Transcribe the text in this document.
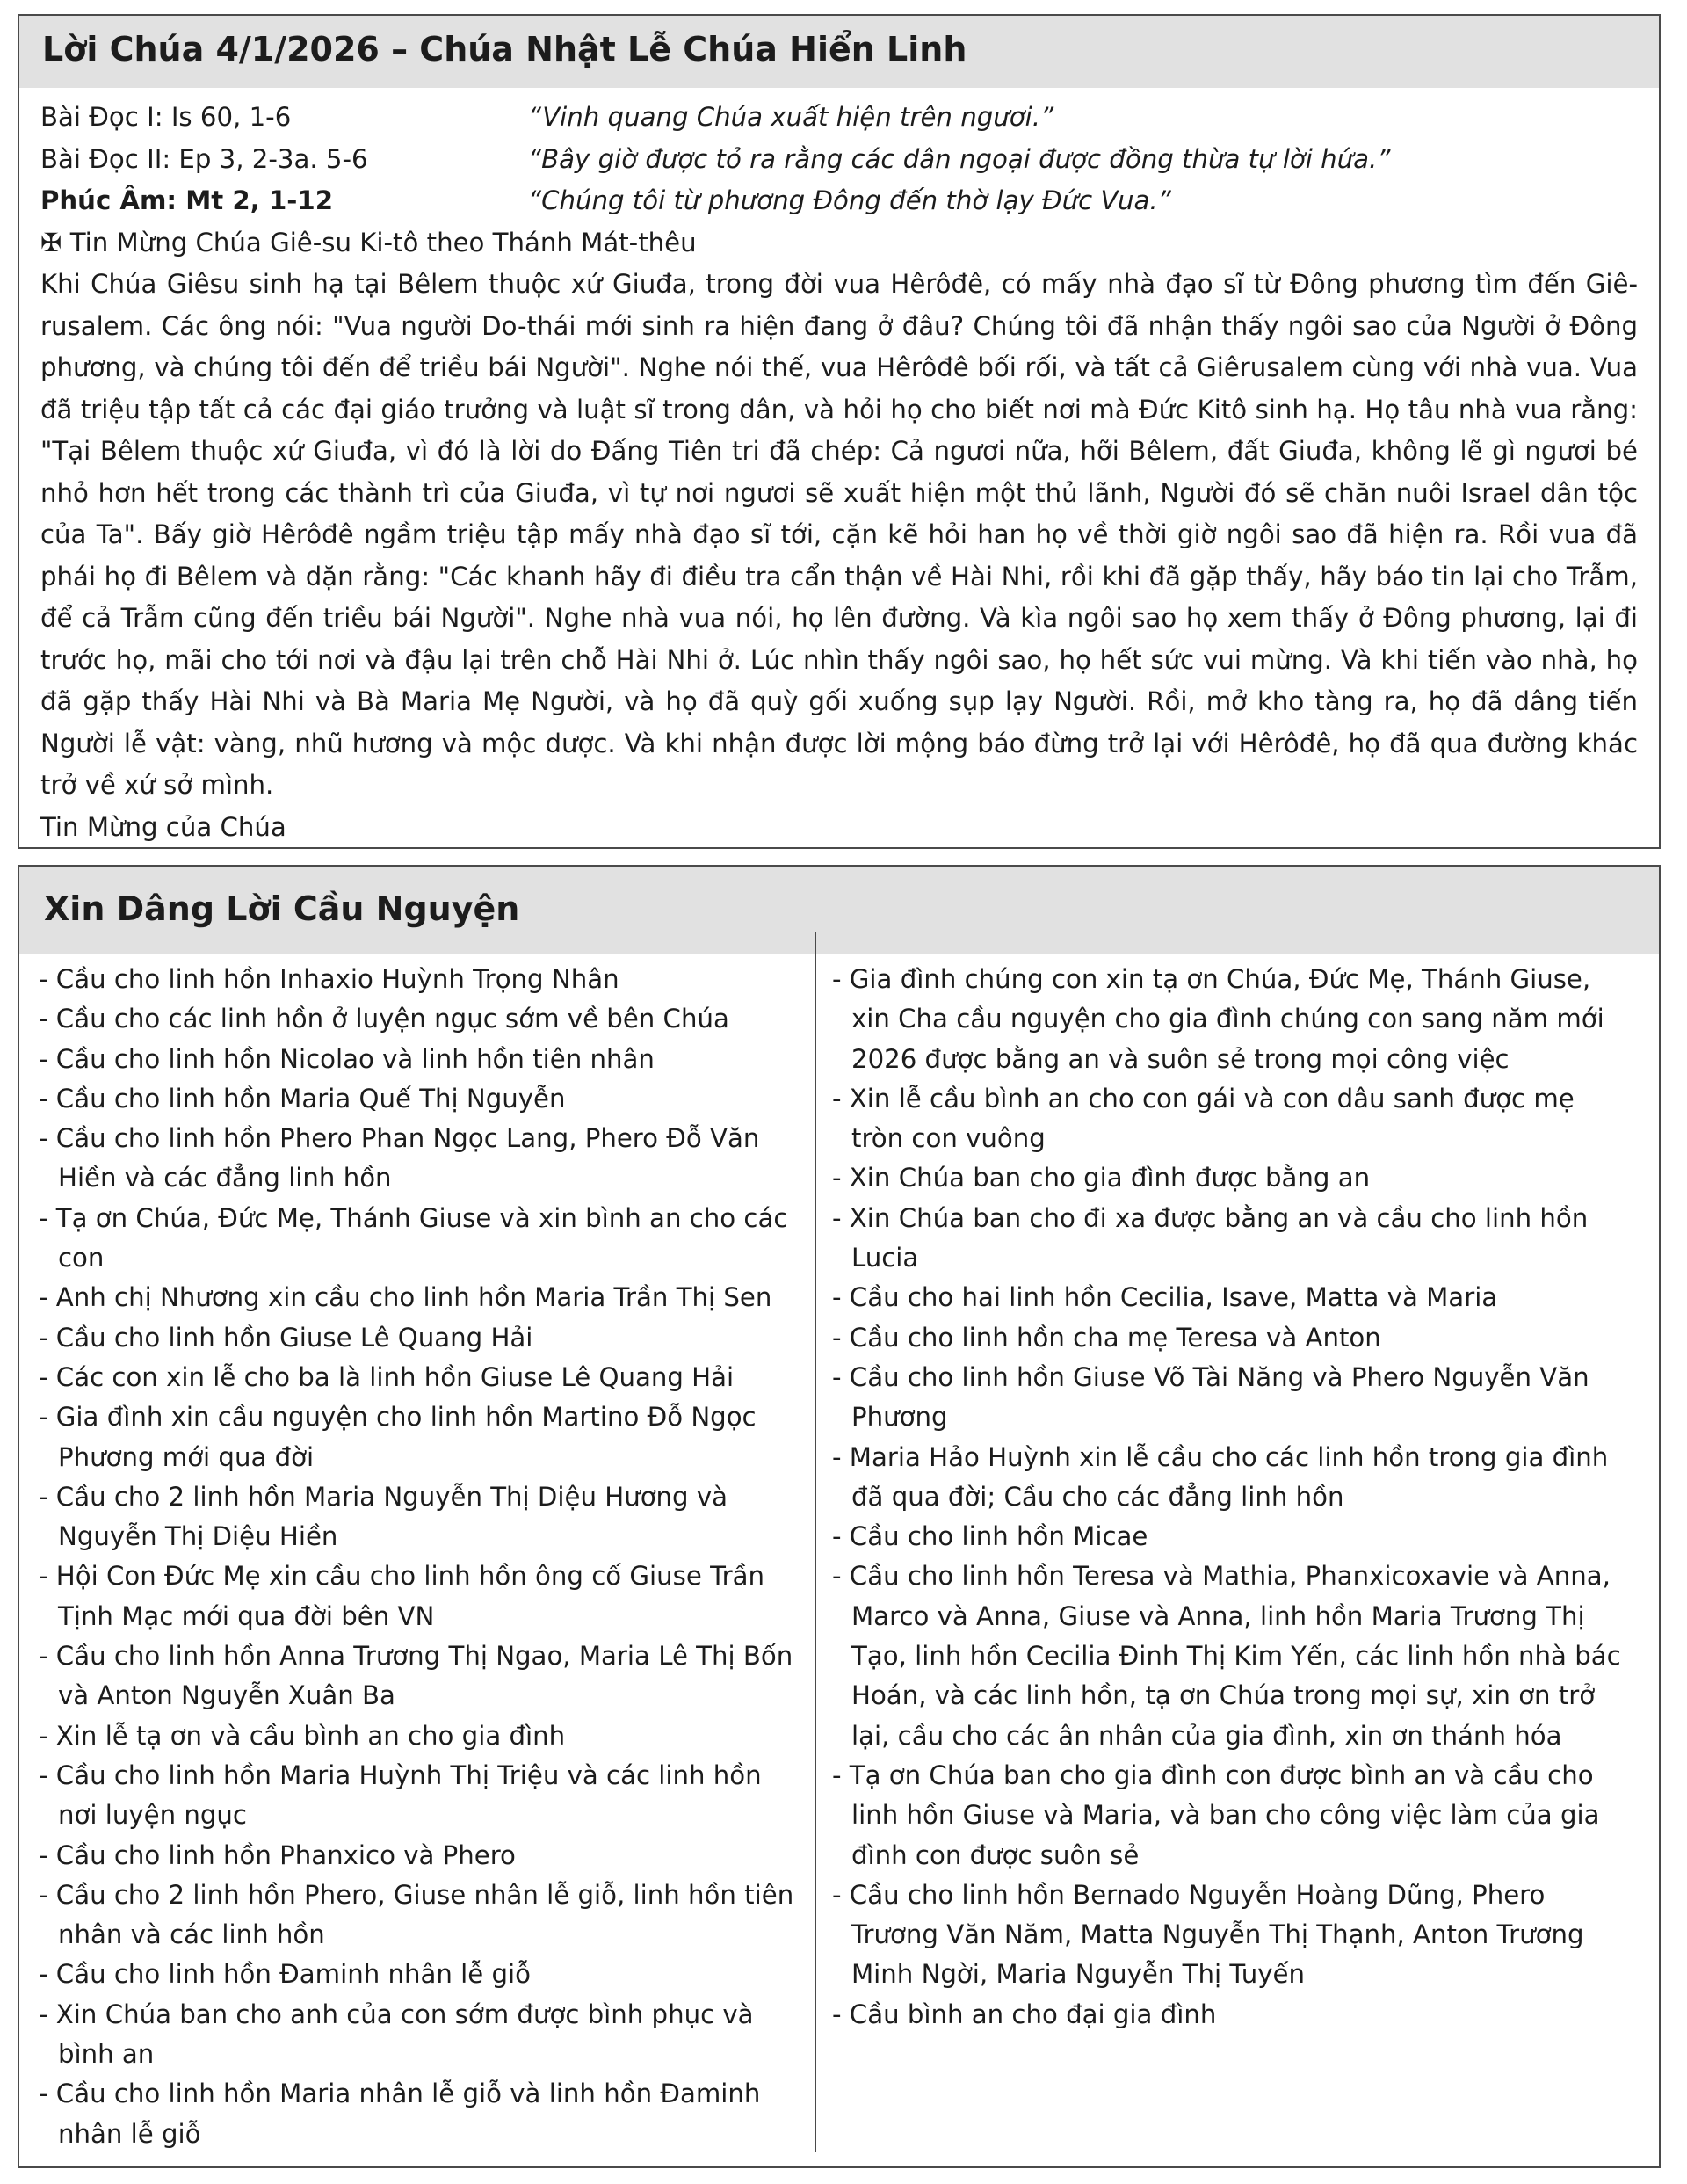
Lời Chúa 4/1/2026 – Chúa Nhật Lễ Chúa Hiển Linh
Bài Đọc I: Is 60, 1-6	“Vinh quang Chúa xuất hiện trên ngươi.”
Bài Đọc II: Ep 3, 2-3a. 5-6	“Bây giờ được tỏ ra rằng các dân ngoại được đồng thừa tự lời hứa.”
Phúc Âm: Mt 2, 1-12	“Chúng tôi từ phương Đông đến thờ lạy Đức Vua.”
✠ Tin Mừng Chúa Giê-su Ki-tô theo Thánh Mát-thêu
Khi Chúa Giêsu sinh hạ tại Bêlem thuộc xứ Giuđa, trong đời vua Hêrôđê, có mấy nhà đạo sĩ từ Đông phương tìm đến Giê-rusalem. Các ông nói: "Vua người Do-thái mới sinh ra hiện đang ở đâu? Chúng tôi đã nhận thấy ngôi sao của Người ở Đông phương, và chúng tôi đến để triều bái Người". Nghe nói thế, vua Hêrôđê bối rối, và tất cả Giêrusalem cùng với nhà vua. Vua đã triệu tập tất cả các đại giáo trưởng và luật sĩ trong dân, và hỏi họ cho biết nơi mà Đức Kitô sinh hạ. Họ tâu nhà vua rằng: "Tại Bêlem thuộc xứ Giuđa, vì đó là lời do Đấng Tiên tri đã chép: Cả ngươi nữa, hỡi Bêlem, đất Giuđa, không lẽ gì ngươi bé nhỏ hơn hết trong các thành trì của Giuđa, vì tự nơi ngươi sẽ xuất hiện một thủ lãnh, Người đó sẽ chăn nuôi Israel dân tộc của Ta". Bấy giờ Hêrôđê ngầm triệu tập mấy nhà đạo sĩ tới, cặn kẽ hỏi han họ về thời giờ ngôi sao đã hiện ra. Rồi vua đã phái họ đi Bêlem và dặn rằng: "Các khanh hãy đi điều tra cẩn thận về Hài Nhi, rồi khi đã gặp thấy, hãy báo tin lại cho Trẫm, để cả Trẫm cũng đến triều bái Người". Nghe nhà vua nói, họ lên đường. Và kìa ngôi sao họ xem thấy ở Đông phương, lại đi trước họ, mãi cho tới nơi và đậu lại trên chỗ Hài Nhi ở. Lúc nhìn thấy ngôi sao, họ hết sức vui mừng. Và khi tiến vào nhà, họ đã gặp thấy Hài Nhi và Bà Maria Mẹ Người, và họ đã quỳ gối xuống sụp lạy Người. Rồi, mở kho tàng ra, họ đã dâng tiến Người lễ vật: vàng, nhũ hương và mộc dược. Và khi nhận được lời mộng báo đừng trở lại với Hêrôđê, họ đã qua đường khác trở về xứ sở mình.
Tin Mừng của Chúa
Xin Dâng Lời Cầu Nguyện
- Cầu cho linh hồn Inhaxio Huỳnh Trọng Nhân
- Cầu cho các linh hồn ở luyện ngục sớm về bên Chúa
- Cầu cho linh hồn Nicolao và linh hồn tiên nhân
- Cầu cho linh hồn Maria Quế Thị Nguyễn
- Cầu cho linh hồn Phero Phan Ngọc Lang, Phero Đỗ Văn Hiền và các đẳng linh hồn
- Tạ ơn Chúa, Đức Mẹ, Thánh Giuse và xin bình an cho các con
- Anh chị Nhương xin cầu cho linh hồn Maria Trần Thị Sen
- Cầu cho linh hồn Giuse Lê Quang Hải
- Các con xin lễ cho ba là linh hồn Giuse Lê Quang Hải
- Gia đình xin cầu nguyện cho linh hồn Martino Đỗ Ngọc Phương mới qua đời
- Cầu cho 2 linh hồn Maria Nguyễn Thị Diệu Hương và Nguyễn Thị Diệu Hiền
- Hội Con Đức Mẹ xin cầu cho linh hồn ông cố Giuse Trần Tịnh Mạc mới qua đời bên VN
- Cầu cho linh hồn Anna Trương Thị Ngao, Maria Lê Thị Bốn và Anton Nguyễn Xuân Ba
- Xin lễ tạ ơn và cầu bình an cho gia đình
- Cầu cho linh hồn Maria Huỳnh Thị Triệu và các linh hồn nơi luyện ngục
- Cầu cho linh hồn Phanxico và Phero
- Cầu cho 2 linh hồn Phero, Giuse nhân lễ giỗ, linh hồn tiên nhân và các linh hồn
- Cầu cho linh hồn Đaminh nhân lễ giỗ
- Xin Chúa ban cho anh của con sớm được bình phục và bình an
- Cầu cho linh hồn Maria nhân lễ giỗ và linh hồn Đaminh nhân lễ giỗ
- Gia đình chúng con xin tạ ơn Chúa, Đức Mẹ, Thánh Giuse, xin Cha cầu nguyện cho gia đình chúng con sang năm mới 2026 được bằng an và suôn sẻ trong mọi công việc
- Xin lễ cầu bình an cho con gái và con dâu sanh được mẹ tròn con vuông
- Xin Chúa ban cho gia đình được bằng an
- Xin Chúa ban cho đi xa được bằng an và cầu cho linh hồn Lucia
- Cầu cho hai linh hồn Cecilia, Isave, Matta và Maria
- Cầu cho linh hồn cha mẹ Teresa và Anton
- Cầu cho linh hồn Giuse Võ Tài Năng và Phero Nguyễn Văn Phương
- Maria Hảo Huỳnh xin lễ cầu cho các linh hồn trong gia đình đã qua đời; Cầu cho các đẳng linh hồn
- Cầu cho linh hồn Micae
- Cầu cho linh hồn Teresa và Mathia, Phanxicoxavie và Anna, Marco và Anna, Giuse và Anna, linh hồn Maria Trương Thị Tạo, linh hồn Cecilia Đinh Thị Kim Yến, các linh hồn nhà bác Hoán, và các linh hồn, tạ ơn Chúa trong mọi sự, xin ơn trở lại, cầu cho các ân nhân của gia đình, xin ơn thánh hóa
- Tạ ơn Chúa ban cho gia đình con được bình an và cầu cho linh hồn Giuse và Maria, và ban cho công việc làm của gia đình con được suôn sẻ
- Cầu cho linh hồn Bernado Nguyễn Hoàng Dũng, Phero Trương Văn Năm, Matta Nguyễn Thị Thạnh, Anton Trương Minh Ngời, Maria Nguyễn Thị Tuyến
- Cầu bình an cho đại gia đình
